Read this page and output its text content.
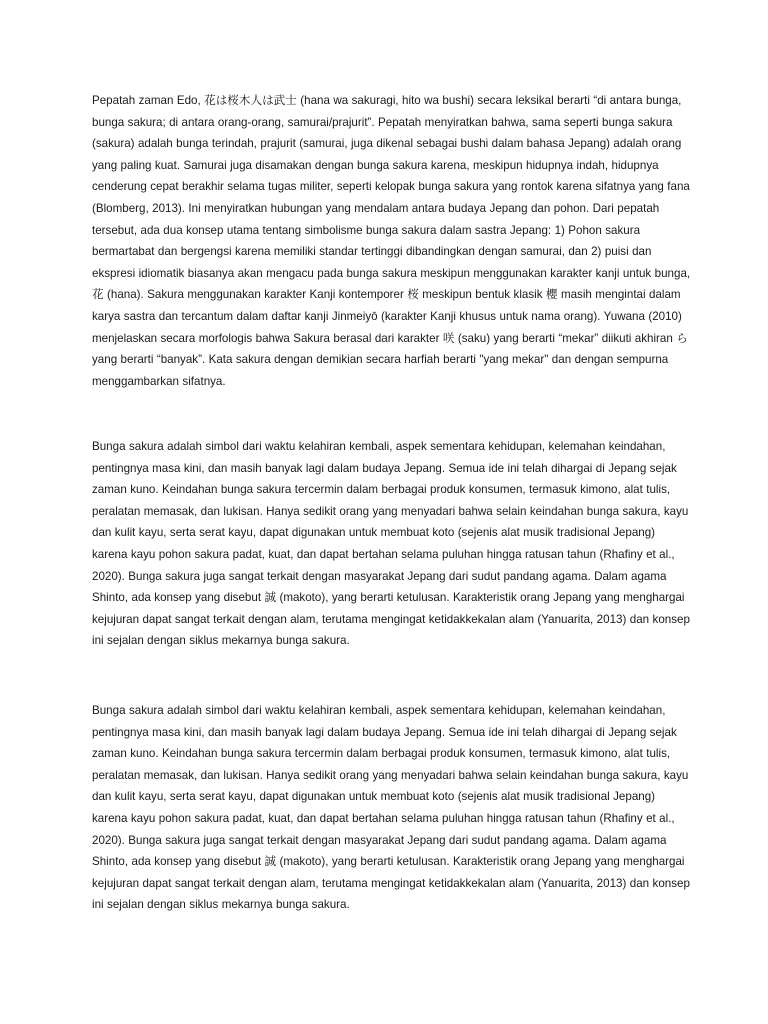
Pepatah zaman Edo, 花は桜木人は武士 (hana wa sakuragi, hito wa bushi) secara leksikal berarti “di antara bunga, bunga sakura; di antara orang-orang, samurai/prajurit”. Pepatah menyiratkan bahwa, sama seperti bunga sakura (sakura) adalah bunga terindah, prajurit (samurai, juga dikenal sebagai bushi dalam bahasa Jepang) adalah orang yang paling kuat. Samurai juga disamakan dengan bunga sakura karena, meskipun hidupnya indah, hidupnya cenderung cepat berakhir selama tugas militer, seperti kelopak bunga sakura yang rontok karena sifatnya yang fana (Blomberg, 2013). Ini menyiratkan hubungan yang mendalam antara budaya Jepang dan pohon. Dari pepatah tersebut, ada dua konsep utama tentang simbolisme bunga sakura dalam sastra Jepang: 1) Pohon sakura bermartabat dan bergengsi karena memiliki standar tertinggi dibandingkan dengan samurai, dan 2) puisi dan ekspresi idiomatik biasanya akan mengacu pada bunga sakura meskipun menggunakan karakter kanji untuk bunga, 花 (hana). Sakura menggunakan karakter Kanji kontemporer 桜 meskipun bentuk klasik 櫻 masih mengintai dalam karya sastra dan tercantum dalam daftar kanji Jinmeiyō (karakter Kanji khusus untuk nama orang). Yuwana (2010) menjelaskan secara morfologis bahwa Sakura berasal dari karakter 咲 (saku) yang berarti “mekar” diikuti akhiran ら yang berarti “banyak”. Kata sakura dengan demikian secara harfiah berarti "yang mekar" dan dengan sempurna menggambarkan sifatnya.

Bunga sakura adalah simbol dari waktu kelahiran kembali, aspek sementara kehidupan, kelemahan keindahan, pentingnya masa kini, dan masih banyak lagi dalam budaya Jepang. Semua ide ini telah dihargai di Jepang sejak zaman kuno. Keindahan bunga sakura tercermin dalam berbagai produk konsumen, termasuk kimono, alat tulis, peralatan memasak, dan lukisan. Hanya sedikit orang yang menyadari bahwa selain keindahan bunga sakura, kayu dan kulit kayu, serta serat kayu, dapat digunakan untuk membuat koto (sejenis alat musik tradisional Jepang) karena kayu pohon sakura padat, kuat, dan dapat bertahan selama puluhan hingga ratusan tahun (Rhafiny et al., 2020). Bunga sakura juga sangat terkait dengan masyarakat Jepang dari sudut pandang agama. Dalam agama Shinto, ada konsep yang disebut 誠 (makoto), yang berarti ketulusan. Karakteristik orang Jepang yang menghargai kejujuran dapat sangat terkait dengan alam, terutama mengingat ketidakkekalan alam (Yanuarita, 2013) dan konsep ini sejalan dengan siklus mekarnya bunga sakura.

Bunga sakura adalah simbol dari waktu kelahiran kembali, aspek sementara kehidupan, kelemahan keindahan, pentingnya masa kini, dan masih banyak lagi dalam budaya Jepang. Semua ide ini telah dihargai di Jepang sejak zaman kuno. Keindahan bunga sakura tercermin dalam berbagai produk konsumen, termasuk kimono, alat tulis, peralatan memasak, dan lukisan. Hanya sedikit orang yang menyadari bahwa selain keindahan bunga sakura, kayu dan kulit kayu, serta serat kayu, dapat digunakan untuk membuat koto (sejenis alat musik tradisional Jepang) karena kayu pohon sakura padat, kuat, dan dapat bertahan selama puluhan hingga ratusan tahun (Rhafiny et al., 2020). Bunga sakura juga sangat terkait dengan masyarakat Jepang dari sudut pandang agama. Dalam agama Shinto, ada konsep yang disebut 誠 (makoto), yang berarti ketulusan. Karakteristik orang Jepang yang menghargai kejujuran dapat sangat terkait dengan alam, terutama mengingat ketidakkekalan alam (Yanuarita, 2013) dan konsep ini sejalan dengan siklus mekarnya bunga sakura.
